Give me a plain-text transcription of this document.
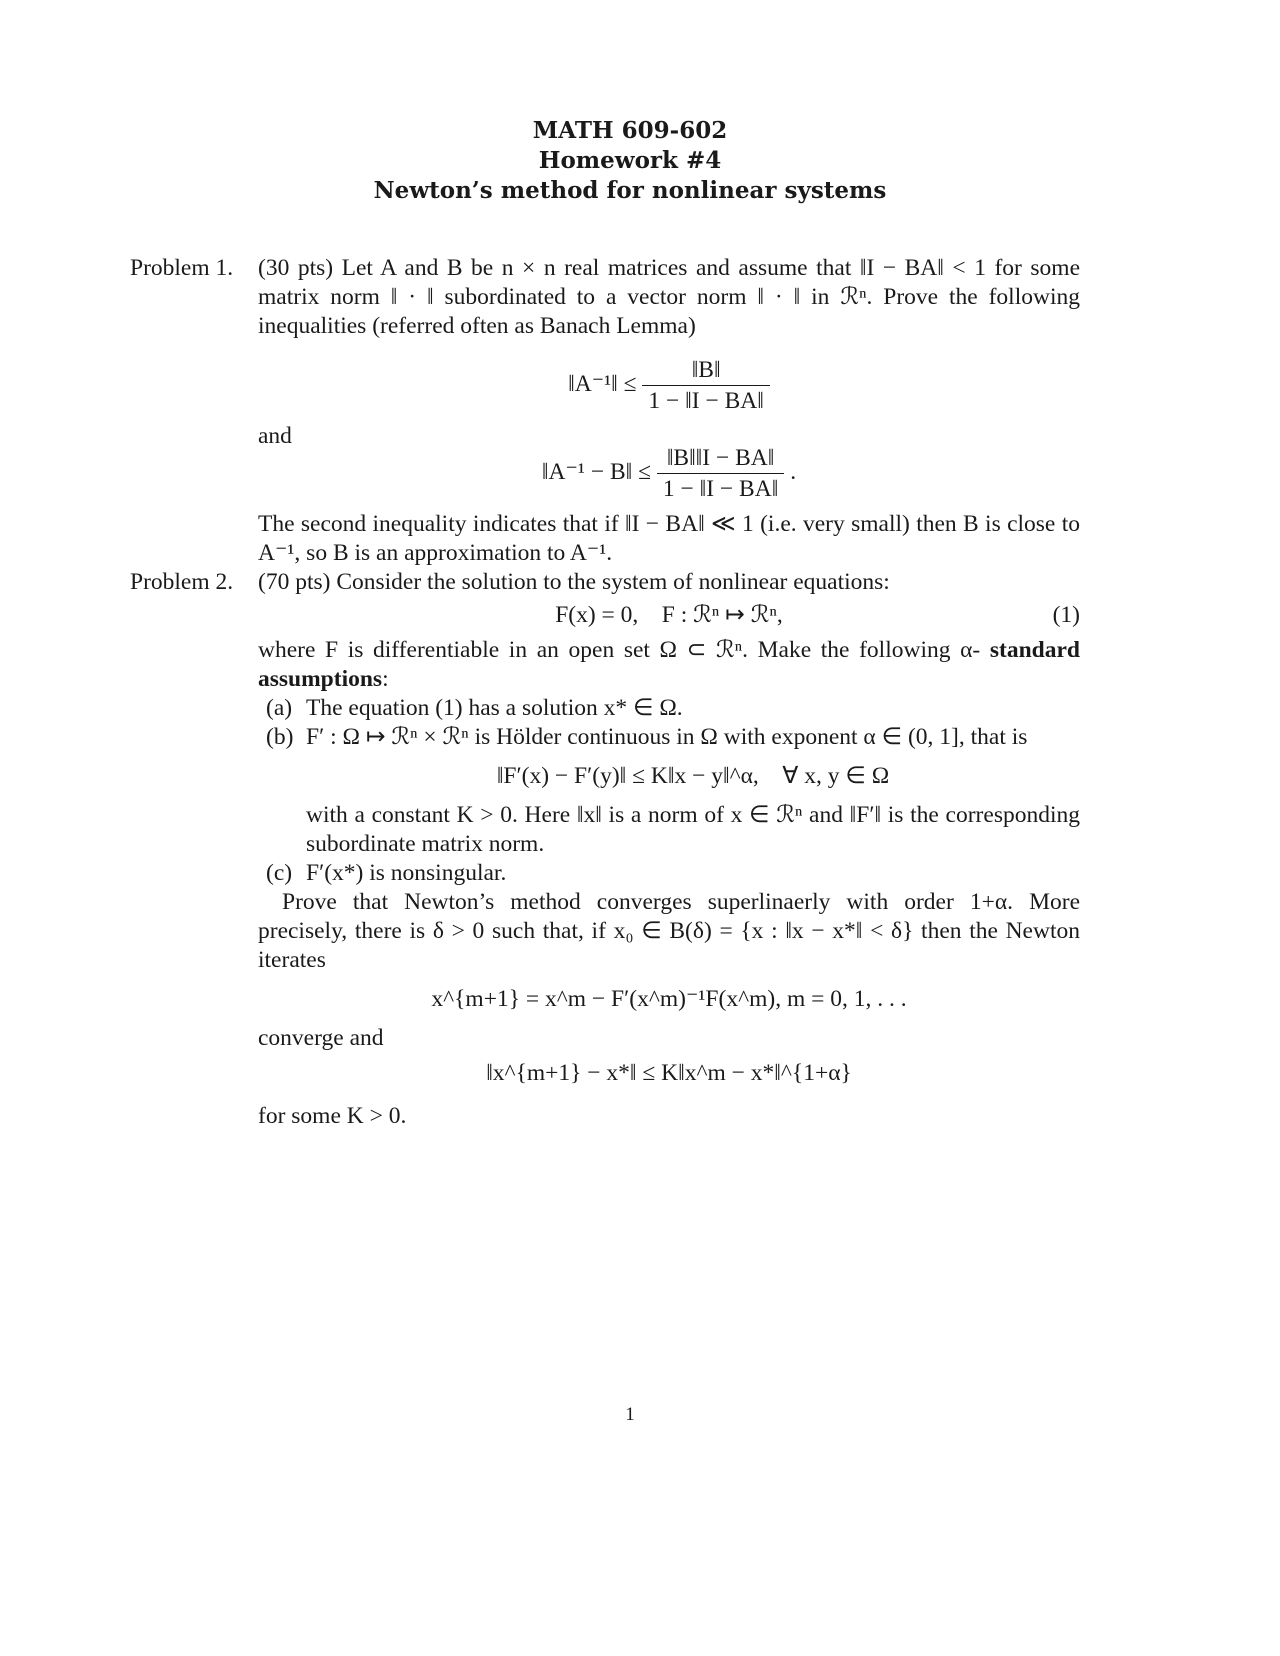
MATH 609-602
Homework #4
Newton’s method for nonlinear systems
Problem 1. (30 pts) Let A and B be n × n real matrices and assume that ‖I − BA‖ < 1 for some matrix norm ‖ · ‖ subordinated to a vector norm ‖ · ‖ in ℛⁿ. Prove the following inequalities (referred often as Banach Lemma)
‖A⁻¹‖ ≤ $\frac{‖B‖}{1 - ‖I - BA‖}$
and
‖A⁻¹ − B‖ ≤ $\frac{‖B‖‖I - BA‖}{1 - ‖I - BA‖}$ .
The second inequality indicates that if ‖I − BA‖ ≪ 1 (i.e. very small) then B is close to A⁻¹, so B is an approximation to A⁻¹.
Problem 2. (70 pts) Consider the solution to the system of nonlinear equations:
F(x) = 0,    F : ℛⁿ ↦ ℛⁿ,	(1)
where F is differentiable in an open set Ω ⊂ ℛⁿ. Make the following α- standard assumptions:
(a) The equation (1) has a solution x* ∈ Ω.
(b) F′ : Ω ↦ ℛⁿ × ℛⁿ is Hölder continuous in Ω with exponent α ∈ (0, 1], that is
‖F′(x) − F′(y)‖ ≤ K‖x − y‖^α,    ∀ x, y ∈ Ω
with a constant K > 0. Here ‖x‖ is a norm of x ∈ ℛⁿ and ‖F′‖ is the corresponding subordinate matrix norm.
(c) F′(x*) is nonsingular.
Prove that Newton’s method converges superlinaerly with order 1+α. More precisely, there is δ > 0 such that, if x₀ ∈ B(δ) = {x : ‖x − x*‖ < δ} then the Newton iterates
x^{m+1} = x^m − F′(x^m)⁻¹F(x^m), m = 0, 1, . . .
converge and
‖x^{m+1} − x*‖ ≤ K‖x^m − x*‖^{1+α}
for some K > 0.
1
